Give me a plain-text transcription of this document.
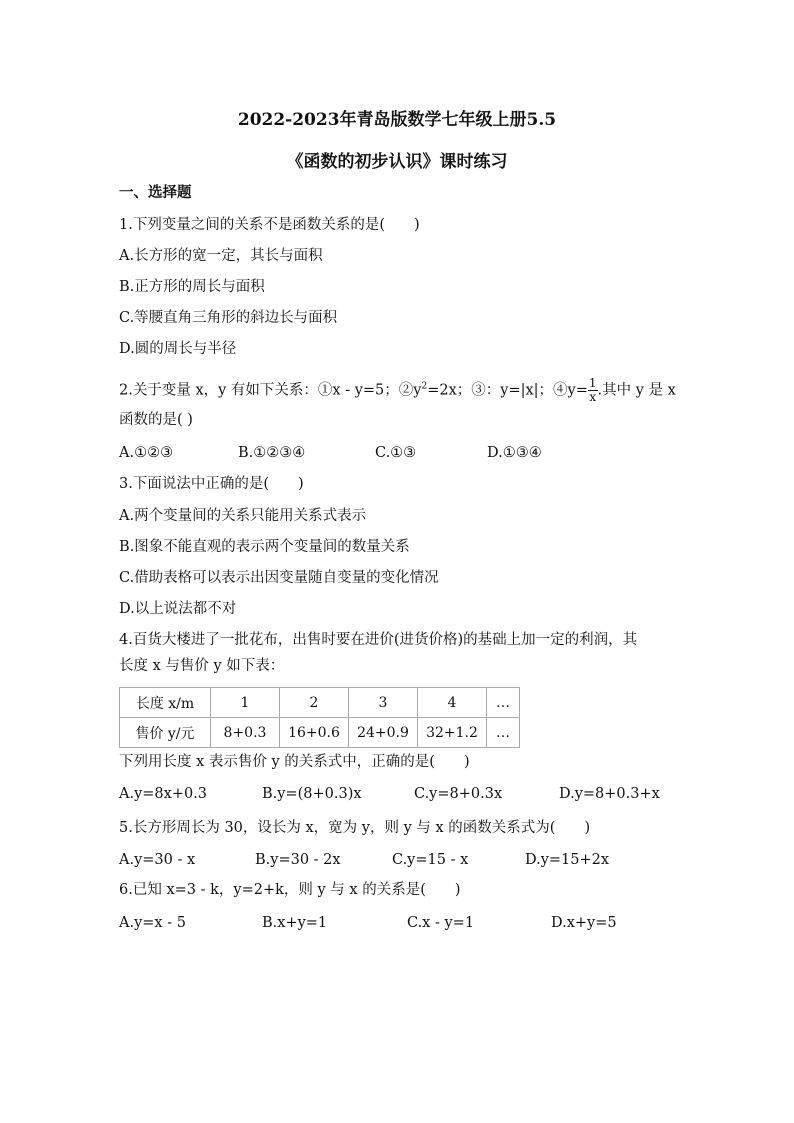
2022-2023年青岛版数学七年级上册5.5
《函数的初步认识》课时练习
一、选择题
1.下列变量之间的关系不是函数关系的是(　　)
A.长方形的宽一定，其长与面积
B.正方形的周长与面积
C.等腰直角三角形的斜边长与面积
D.圆的周长与半径
2.关于变量 x，y 有如下关系：①x - y=5；$②y^2=2x$；③：y=|x|；④y= $\frac{1}{x}$ .其中 y 是 x
函数的是( )
A.①②③	B.①②③④	C.①③	D.①③④
3.下面说法中正确的是(　　)
A.两个变量间的关系只能用关系式表示
B.图象不能直观的表示两个变量间的数量关系
C.借助表格可以表示出因变量随自变量的变化情况
D.以上说法都不对
4.百货大楼进了一批花布，出售时要在进价(进货价格)的基础上加一定的利润，其
长度 x 与售价 y 如下表：
长度 x/m	1	2	3	4	…
售价 y/元	8+0.3	16+0.6	24+0.9	32+1.2	…
下列用长度 x 表示售价 y 的关系式中，正确的是(　　)
A.y=8x+0.3	B.y=(8+0.3)x	C.y=8+0.3x	D.y=8+0.3+x
5.长方形周长为 30，设长为 x，宽为 y，则 y 与 x 的函数关系式为(　　)
A.y=30 - x	B.y=30 - 2x	C.y=15 - x	D.y=15+2x
6.已知 x=3 - k，y=2+k，则 y 与 x 的关系是(　　)
A.y=x - 5	B.x+y=1	C.x - y=1	D.x+y=5
